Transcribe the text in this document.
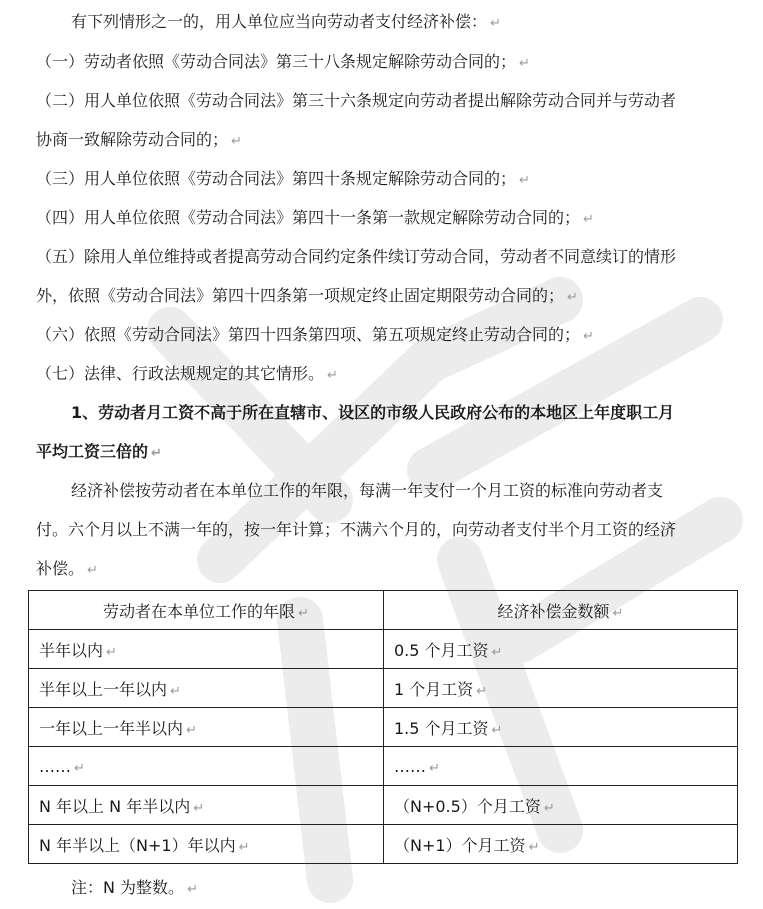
有下列情形之一的，用人单位应当向劳动者支付经济补偿： ↵
（一）劳动者依照《劳动合同法》第三十八条规定解除劳动合同的； ↵
（二）用人单位依照《劳动合同法》第三十六条规定向劳动者提出解除劳动合同并与劳动者
协商一致解除劳动合同的； ↵
（三）用人单位依照《劳动合同法》第四十条规定解除劳动合同的； ↵
（四）用人单位依照《劳动合同法》第四十一条第一款规定解除劳动合同的； ↵
（五）除用人单位维持或者提高劳动合同约定条件续订劳动合同，劳动者不同意续订的情形
外，依照《劳动合同法》第四十四条第一项规定终止固定期限劳动合同的； ↵
（六）依照《劳动合同法》第四十四条第四项、第五项规定终止劳动合同的； ↵
（七）法律、行政法规规定的其它情形。 ↵
1、劳动者月工资不高于所在直辖市、设区的市级人民政府公布的本地区上年度职工月
平均工资三倍的 ↵
经济补偿按劳动者在本单位工作的年限，每满一年支付一个月工资的标准向劳动者支
付。六个月以上不满一年的，按一年计算；不满六个月的，向劳动者支付半个月工资的经济
补偿。 ↵
劳动者在本单位工作的年限 ↵	经济补偿金数额 ↵
半年以内 ↵	0.5 个月工资 ↵
半年以上一年以内 ↵	1 个月工资 ↵
一年以上一年半以内 ↵	1.5 个月工资 ↵
…… ↵	…… ↵
N 年以上 N 年半以内 ↵	（N+0.5）个月工资 ↵
N 年半以上（N+1）年以内 ↵	（N+1）个月工资 ↵
注：N 为整数。 ↵
